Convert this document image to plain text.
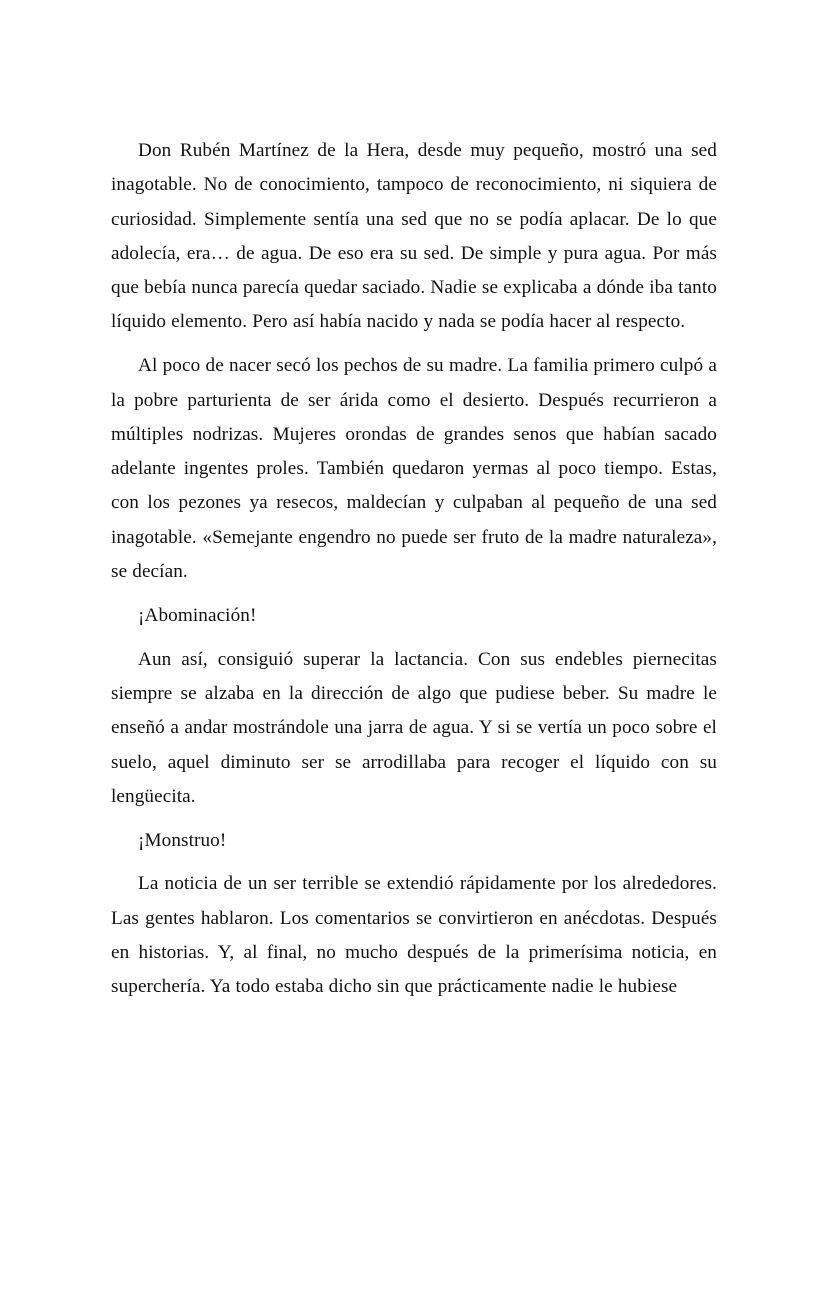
Don Rubén Martínez de la Hera, desde muy pequeño, mostró una sed inagotable. No de conocimiento, tampoco de reconocimiento, ni siquiera de curiosidad. Simplemente sentía una sed que no se podía aplacar. De lo que adolecía, era… de agua. De eso era su sed. De simple y pura agua. Por más que bebía nunca parecía quedar saciado. Nadie se explicaba a dónde iba tanto líquido elemento. Pero así había nacido y nada se podía hacer al respecto.

Al poco de nacer secó los pechos de su madre. La familia primero culpó a la pobre parturienta de ser árida como el desierto. Después recurrieron a múltiples nodrizas. Mujeres orondas de grandes senos que habían sacado adelante ingentes proles. También quedaron yermas al poco tiempo. Estas, con los pezones ya resecos, maldecían y culpaban al pequeño de una sed inagotable. «Semejante engendro no puede ser fruto de la madre naturaleza», se decían.

¡Abominación!

Aun así, consiguió superar la lactancia. Con sus endebles piernecitas siempre se alzaba en la dirección de algo que pudiese beber. Su madre le enseñó a andar mostrándole una jarra de agua. Y si se vertía un poco sobre el suelo, aquel diminuto ser se arrodillaba para recoger el líquido con su lengüecita.

¡Monstruo!

La noticia de un ser terrible se extendió rápidamente por los alrededores. Las gentes hablaron. Los comentarios se convirtieron en anécdotas. Después en historias. Y, al final, no mucho después de la primerísima noticia, en superchería. Ya todo estaba dicho sin que prácticamente nadie le hubiese
